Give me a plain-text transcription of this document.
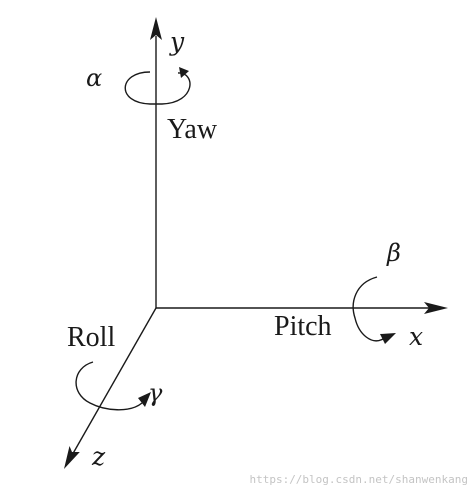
y
x
z
α
Yaw
β
Pitch
γ
Roll
https://blog.csdn.net/shanwenkang
